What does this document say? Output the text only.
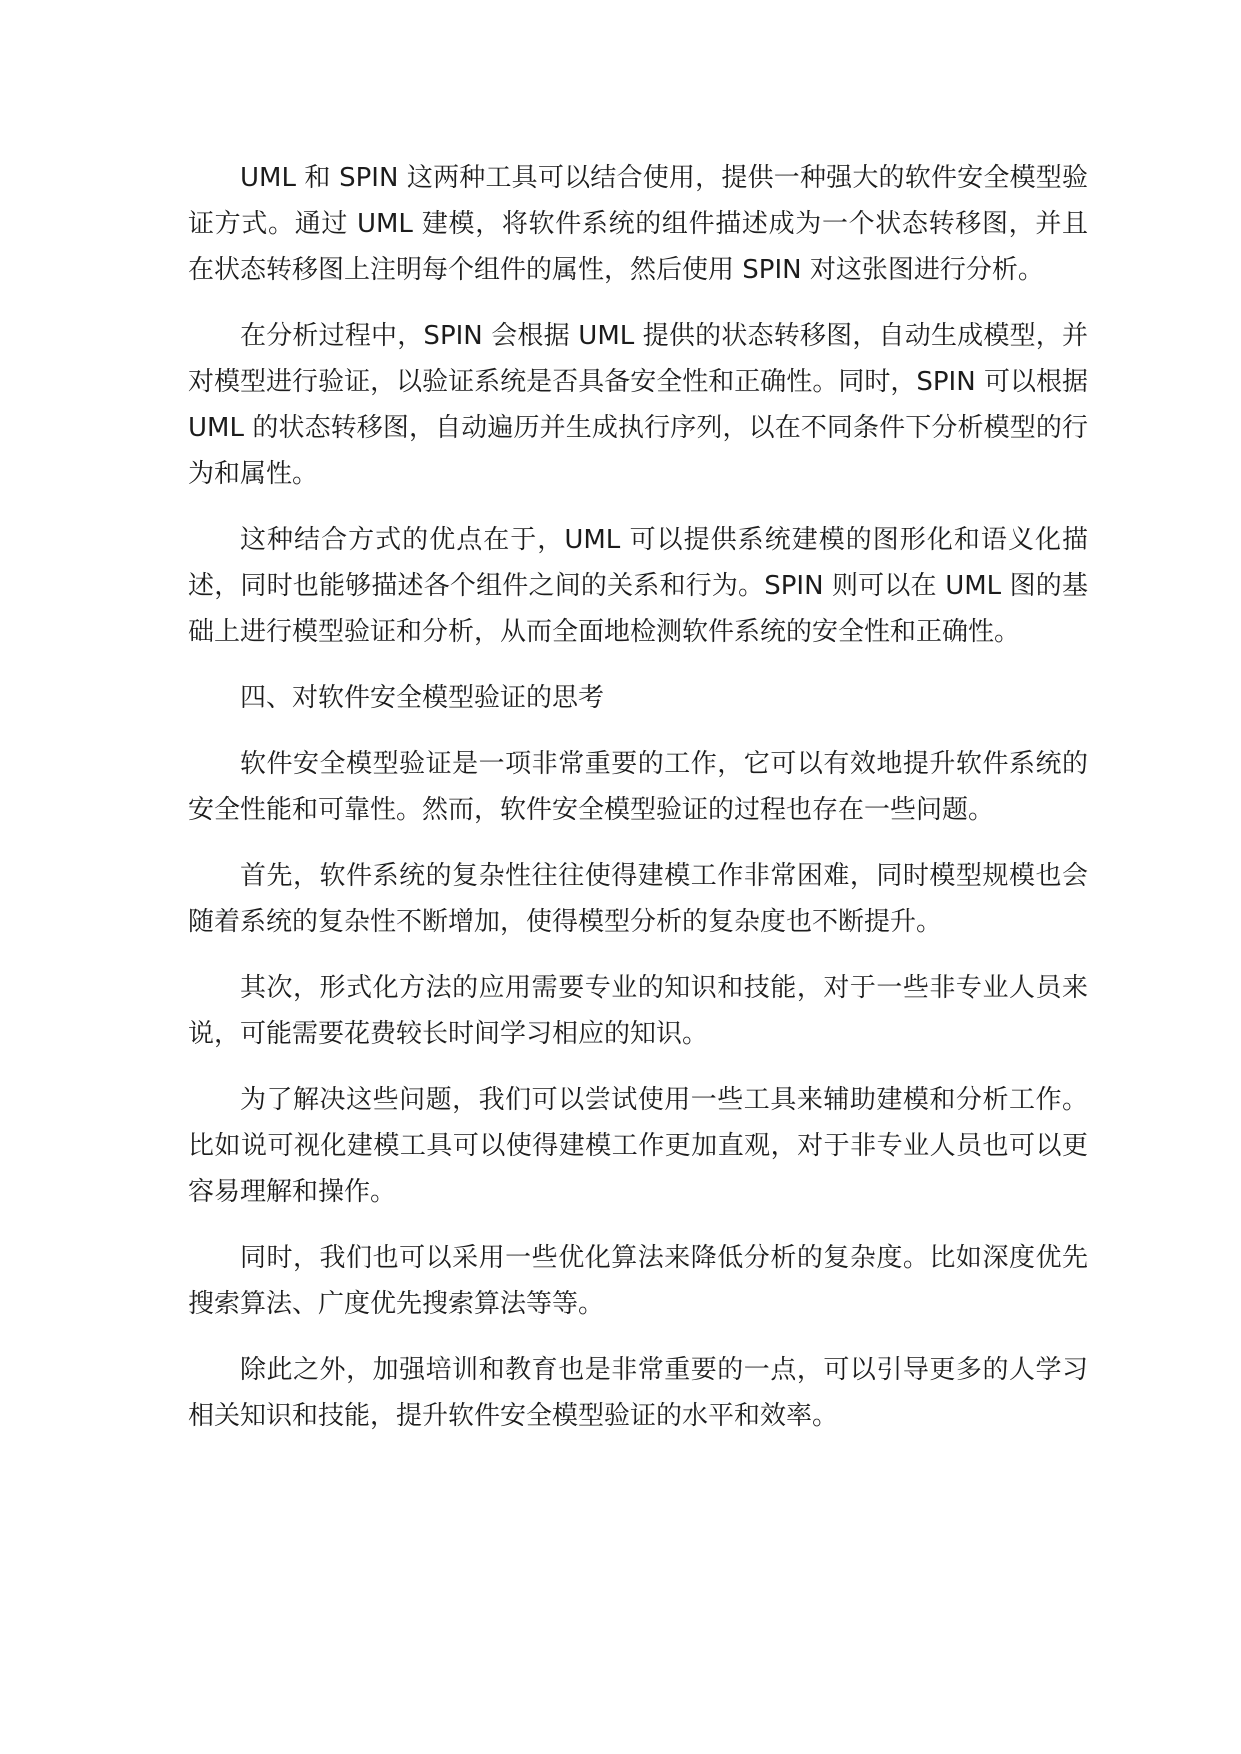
UML 和 SPIN 这两种工具可以结合使用，提供一种强大的软件安全模型验证方式。通过 UML 建模，将软件系统的组件描述成为一个状态转移图，并且在状态转移图上注明每个组件的属性，然后使用 SPIN 对这张图进行分析。

在分析过程中，SPIN 会根据 UML 提供的状态转移图，自动生成模型，并对模型进行验证，以验证系统是否具备安全性和正确性。同时，SPIN 可以根据 UML 的状态转移图，自动遍历并生成执行序列，以在不同条件下分析模型的行为和属性。

这种结合方式的优点在于，UML 可以提供系统建模的图形化和语义化描述，同时也能够描述各个组件之间的关系和行为。SPIN 则可以在 UML 图的基础上进行模型验证和分析，从而全面地检测软件系统的安全性和正确性。

四、对软件安全模型验证的思考

软件安全模型验证是一项非常重要的工作，它可以有效地提升软件系统的安全性能和可靠性。然而，软件安全模型验证的过程也存在一些问题。

首先，软件系统的复杂性往往使得建模工作非常困难，同时模型规模也会随着系统的复杂性不断增加，使得模型分析的复杂度也不断提升。

其次，形式化方法的应用需要专业的知识和技能，对于一些非专业人员来说，可能需要花费较长时间学习相应的知识。

为了解决这些问题，我们可以尝试使用一些工具来辅助建模和分析工作。比如说可视化建模工具可以使得建模工作更加直观，对于非专业人员也可以更容易理解和操作。

同时，我们也可以采用一些优化算法来降低分析的复杂度。比如深度优先搜索算法、广度优先搜索算法等等。

除此之外，加强培训和教育也是非常重要的一点，可以引导更多的人学习相关知识和技能，提升软件安全模型验证的水平和效率。
